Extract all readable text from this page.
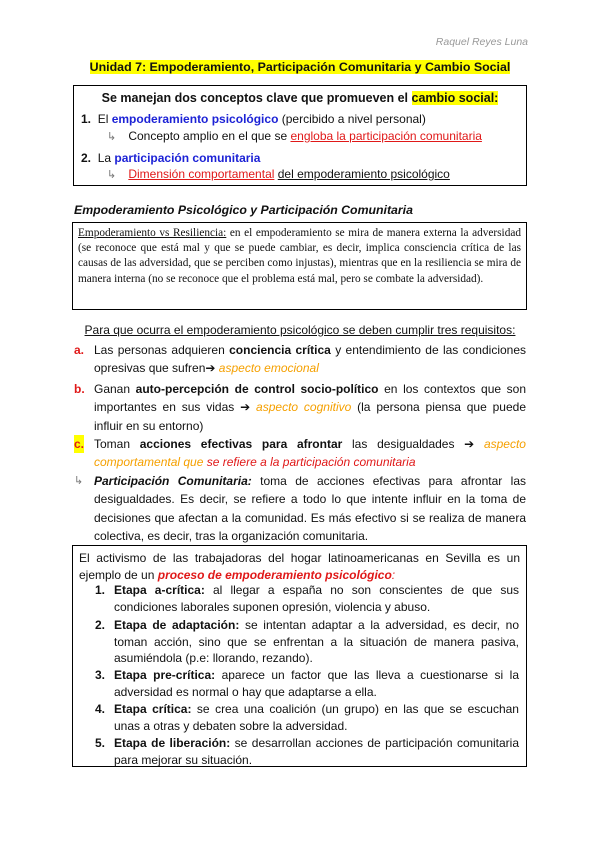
Raquel Reyes Luna
Unidad 7: Empoderamiento, Participación Comunitaria y Cambio Social
Se manejan dos conceptos clave que promueven el cambio social:
1. El empoderamiento psicológico (percibido a nivel personal)
↳ Concepto amplio en el que se engloba la participación comunitaria
2. La participación comunitaria
↳ Dimensión comportamental del empoderamiento psicológico
Empoderamiento Psicológico y Participación Comunitaria
Empoderamiento vs Resiliencia: en el empoderamiento se mira de manera externa la adversidad (se reconoce que está mal y que se puede cambiar, es decir, implica consciencia crítica de las causas de las adversidad, que se perciben como injustas), mientras que en la resiliencia se mira de manera interna (no se reconoce que el problema está mal, pero se combate la adversidad).
Para que ocurra el empoderamiento psicológico se deben cumplir tres requisitos:
a. Las personas adquieren conciencia crítica y entendimiento de las condiciones opresivas que sufren➔ aspecto emocional
b. Ganan auto-percepción de control socio-político en los contextos que son importantes en sus vidas ➔ aspecto cognitivo (la persona piensa que puede influir en su entorno)
c. Toman acciones efectivas para afrontar las desigualdades ➔ aspecto comportamental que se refiere a la participación comunitaria
↳ Participación Comunitaria: toma de acciones efectivas para afrontar las desigualdades. Es decir, se refiere a todo lo que intente influir en la toma de decisiones que afectan a la comunidad. Es más efectivo si se realiza de manera colectiva, es decir, tras la organización comunitaria.
El activismo de las trabajadoras del hogar latinoamericanas en Sevilla es un ejemplo de un proceso de empoderamiento psicológico:
1. Etapa a-crítica: al llegar a españa no son conscientes de que sus condiciones laborales suponen opresión, violencia y abuso.
2. Etapa de adaptación: se intentan adaptar a la adversidad, es decir, no toman acción, sino que se enfrentan a la situación de manera pasiva, asumiéndola (p.e: llorando, rezando).
3. Etapa pre-crítica: aparece un factor que las lleva a cuestionarse si la adversidad es normal o hay que adaptarse a ella.
4. Etapa crítica: se crea una coalición (un grupo) en las que se escuchan unas a otras y debaten sobre la adversidad.
5. Etapa de liberación: se desarrollan acciones de participación comunitaria para mejorar su situación.
